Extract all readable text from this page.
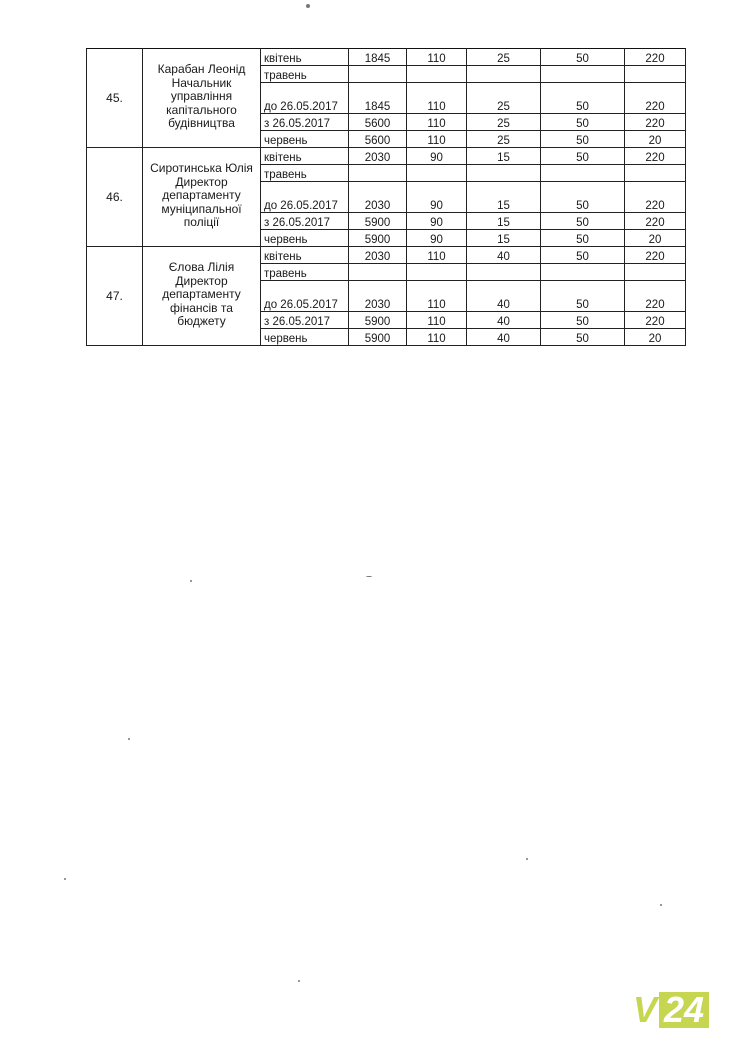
45.	Карабан Леонід Начальник управління капітального будівництва	квітень	1845	110	25	50	220
		травень					
		до 26.05.2017	1845	110	25	50	220
		з 26.05.2017	5600	110	25	50	220
		червень	5600	110	25	50	20
46.	Сиротинська Юлія Директор департаменту муніципальної поліції	квітень	2030	90	15	50	220
		травень					
		до 26.05.2017	2030	90	15	50	220
		з 26.05.2017	5900	90	15	50	220
		червень	5900	90	15	50	20
47.	Єлова Лілія Директор департаменту фінансів та бюджету	квітень	2030	110	40	50	220
		травень					
		до 26.05.2017	2030	110	40	50	220
		з 26.05.2017	5900	110	40	50	220
		червень	5900	110	40	50	20
V 24
